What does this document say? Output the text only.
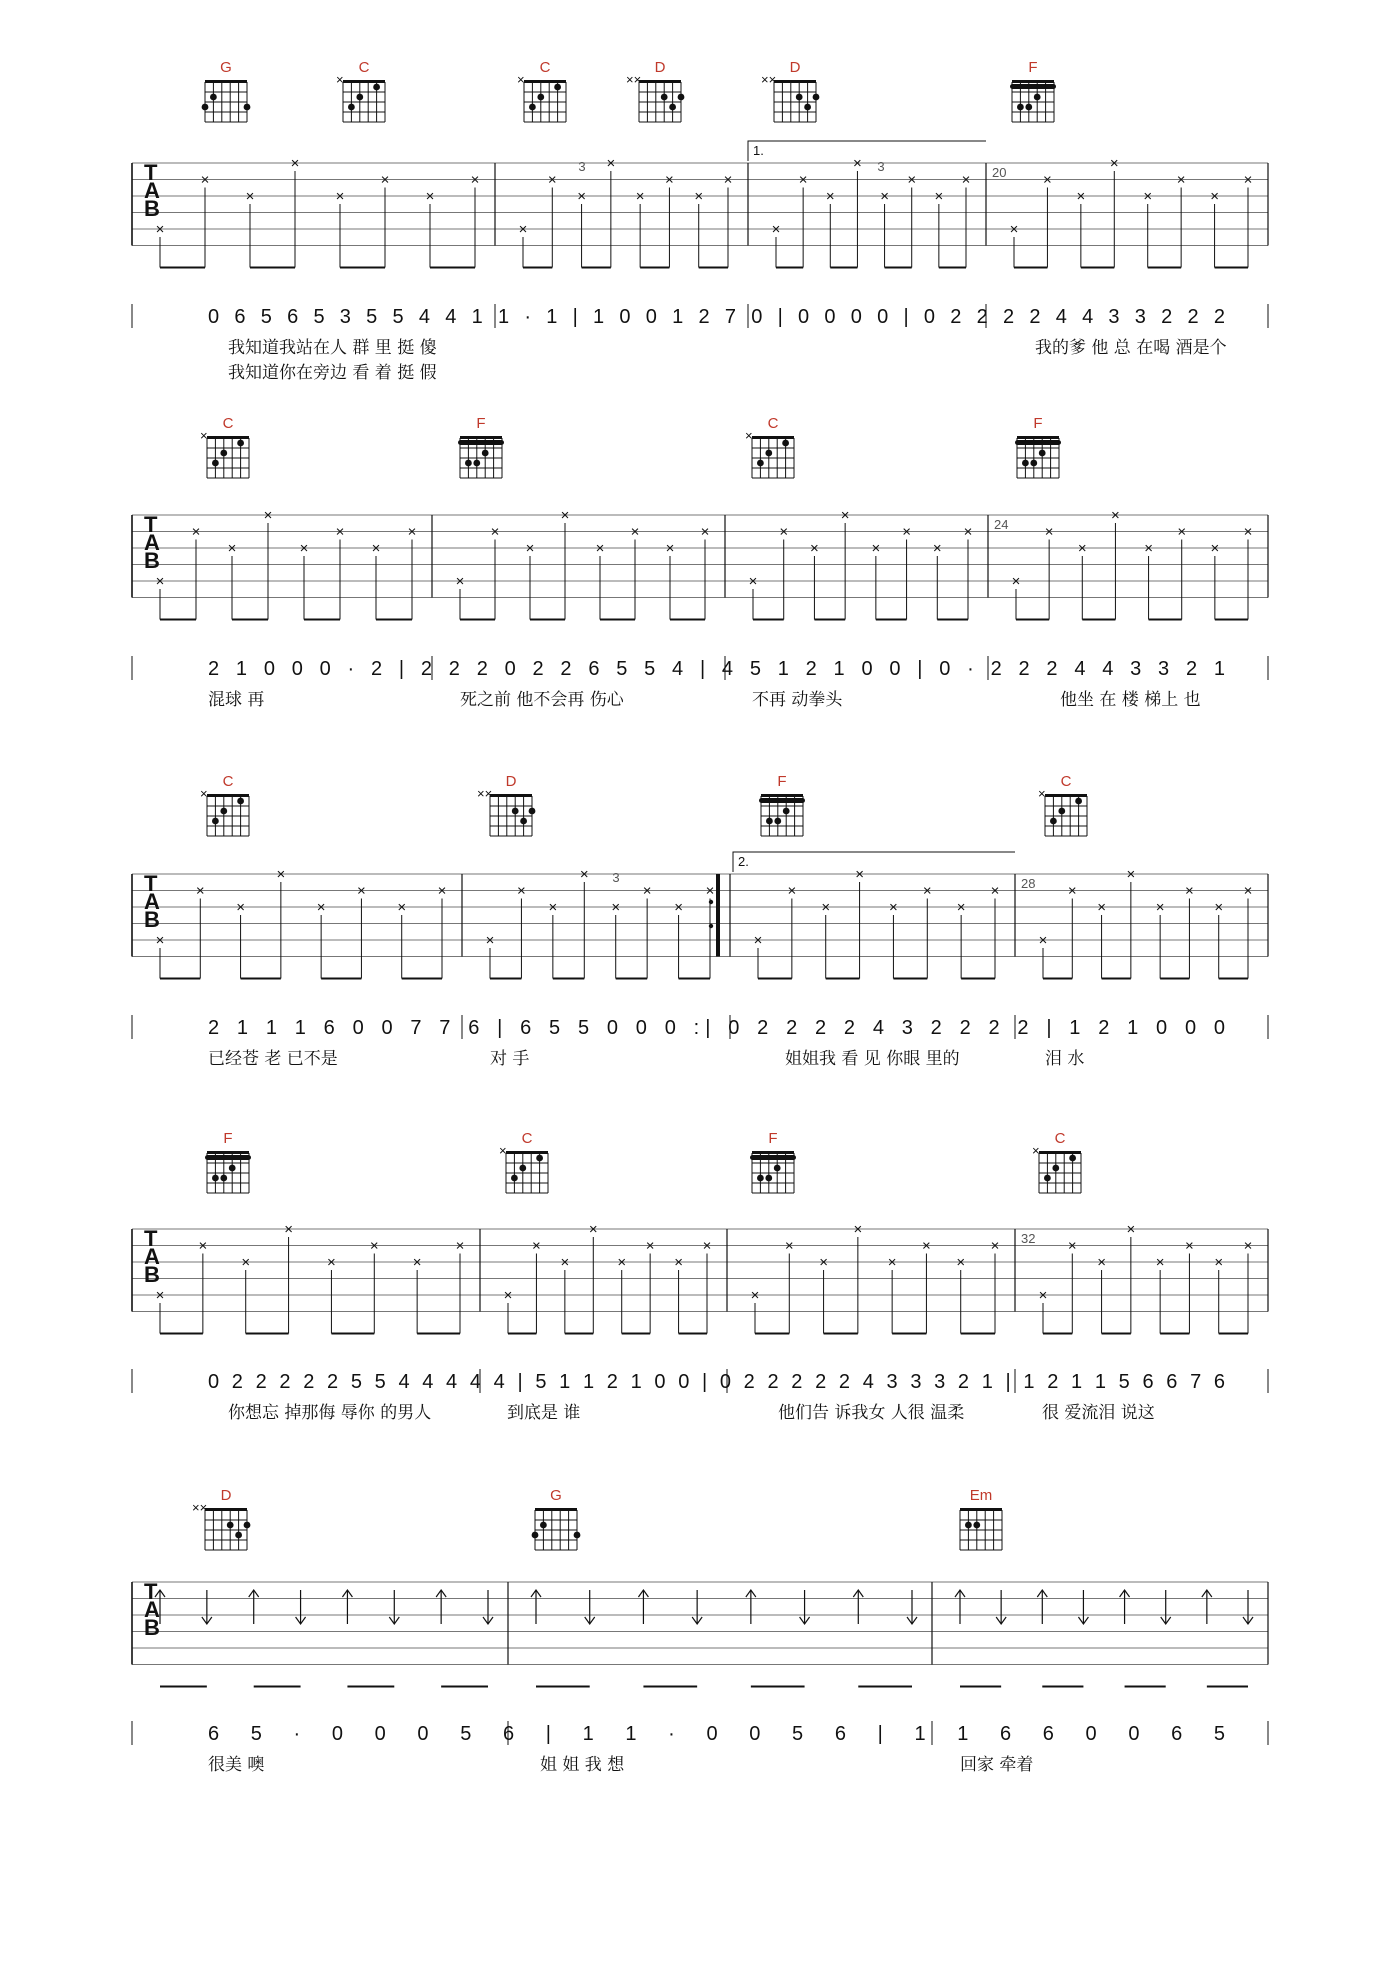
G	C
×
C
×
D
××
D
××
F
T
A
B
×
×
×
×
×
×
×
×
×
×
×
×
×
×
×
×
×
×
×
×
×
×
×
×
×
×
×
×
×
×
×
×
20
1.
3	3
0 6 5 6 5 3 5 5 4 4 1 1 · 1 | 1 0 0 1 2 7 0 | 0 0 0 0 | 0 2 2 2 2 4 4 3 3 2 2 2
我知道我站在人 群 里 挺 傻
我知道你在旁边 看 着 挺 假
我的爹 他 总 在喝 酒是个
C
×
F	C
×
F
T
A
B
×
×
×
×
×
×
×
×
×
×
×
×
×
×
×
×
×
×
×
×
×
×
×
×
×
×
×
×
×
×
×
×
24
2 1 0 0 0 · 2 | 2 2 2 0 2 2 6 5 5 4 | 4 5 1 2 1 0 0 | 0 · 2 2 2 4 4 3 3 2 1
混球 再	死之前 他不会再 伤心	不再 动拳头	他坐 在 楼 梯上 也
C
×
D
××
F	C
×
T
A
B
×
×
×
×
×
×
×
×
×
×
×
×
×
×
×
×
×
×
×
×
×
×
×
×
×
×
×
×
×
×
×
×
28
2.
3
2 1 1 1 6 0 0 7 7 6 | 6 5 5 0 0 0 :| 0 2 2 2 2 4 3 2 2 2 2 | 1 2 1 0 0 0
已经苍 老 已不是	对 手	姐姐我 看 见 你眼 里的	泪 水
F	C
×
F	C
×
T
A
B
×
×
×
×
×
×
×
×
×
×
×
×
×
×
×
×
×
×
×
×
×
×
×
×
×
×
×
×
×
×
×
×
32
0 2 2 2 2 2 5 5 4 4 4 4 4 | 5 1 1 2 1 0 0 | 0 2 2 2 2 2 4 3 3 3 2 1 | 1 2 1 1 5 6 6 7 6
你想忘 掉那侮 辱你 的男人	到底是 谁	他们告 诉我女 人很 温柔	很 爱流泪 说这
D
××
G	Em
T
A
B
6 5 · 0 0 0 5 6 | 1 1 · 0 0 5 6 | 1 1 6 6 0 0 6 5
很美 噢	姐 姐 我 想	回家 牵着
